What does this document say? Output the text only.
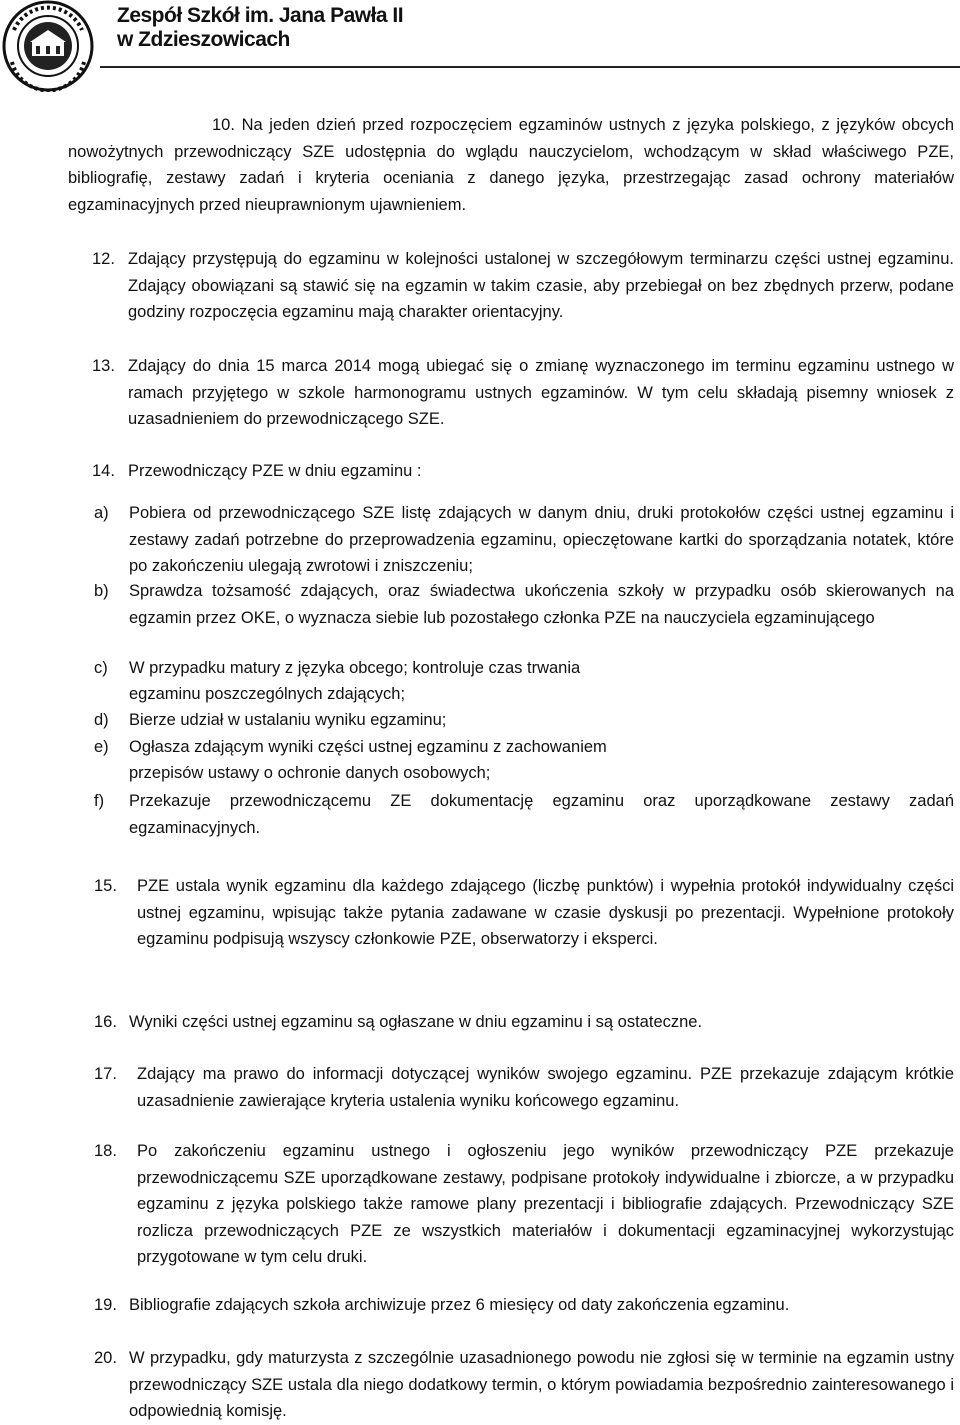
Zespół Szkół im. Jana Pawła II
w Zdzieszowicach

10. Na jeden dzień przed rozpoczęciem egzaminów ustnych z języka polskiego, z języków obcych nowożytnych przewodniczący SZE udostępnia do wglądu nauczycielom, wchodzącym w skład właściwego PZE, bibliografię, zestawy zadań i kryteria oceniania z danego języka, przestrzegając zasad ochrony materiałów egzaminacyjnych przed nieuprawnionym ujawnieniem.

12. Zdający przystępują do egzaminu w kolejności ustalonej w szczegółowym terminarzu części ustnej egzaminu. Zdający obowiązani są stawić się na egzamin w takim czasie, aby przebiegał on bez zbędnych przerw, podane godziny rozpoczęcia egzaminu mają charakter orientacyjny.

13. Zdający do dnia 15 marca 2014 mogą ubiegać się o zmianę wyznaczonego im terminu egzaminu ustnego w ramach przyjętego w szkole harmonogramu ustnych egzaminów. W tym celu składają pisemny wniosek z uzasadnieniem do przewodniczącego SZE.

14. Przewodniczący PZE w dniu egzaminu :

a) Pobiera od przewodniczącego SZE listę zdających w danym dniu, druki protokołów części ustnej egzaminu i zestawy zadań potrzebne do przeprowadzenia egzaminu, opieczętowane kartki do sporządzania notatek, które po zakończeniu ulegają zwrotowi i zniszczeniu;

b) Sprawdza tożsamość zdających, oraz świadectwa ukończenia szkoły w przypadku osób skierowanych na egzamin przez OKE, o wyznacza siebie lub pozostałego członka PZE na nauczyciela egzaminującego

c) W przypadku matury z języka obcego; kontroluje czas trwania

egzaminu poszczególnych zdających;

d) Bierze udział w ustalaniu wyniku egzaminu;

e) Ogłasza zdającym wyniki części ustnej egzaminu z zachowaniem

przepisów ustawy o ochronie danych osobowych;

f) Przekazuje przewodniczącemu ZE dokumentację egzaminu oraz uporządkowane zestawy zadań egzaminacyjnych.

15. PZE ustala wynik egzaminu dla każdego zdającego (liczbę punktów) i wypełnia protokół indywidualny części ustnej egzaminu, wpisując także pytania zadawane w czasie dyskusji po prezentacji. Wypełnione protokoły egzaminu podpisują wszyscy członkowie PZE, obserwatorzy i eksperci.

16. Wyniki części ustnej egzaminu są ogłaszane w dniu egzaminu i są ostateczne.

17. Zdający ma prawo do informacji dotyczącej wyników swojego egzaminu. PZE przekazuje zdającym krótkie uzasadnienie zawierające kryteria ustalenia wyniku końcowego egzaminu.

18. Po zakończeniu egzaminu ustnego i ogłoszeniu jego wyników przewodniczący PZE przekazuje przewodniczącemu SZE uporządkowane zestawy, podpisane protokoły indywidualne i zbiorcze, a w przypadku egzaminu z języka polskiego także ramowe plany prezentacji i bibliografie zdających. Przewodniczący SZE rozlicza przewodniczących PZE ze wszystkich materiałów i dokumentacji egzaminacyjnej wykorzystując przygotowane w tym celu druki.

19. Bibliografie zdających szkoła archiwizuje przez 6 miesięcy od daty zakończenia egzaminu.

20. W przypadku, gdy maturzysta z szczególnie uzasadnionego powodu nie zgłosi się w terminie na egzamin ustny przewodniczący SZE ustala dla niego dodatkowy termin, o którym powiadamia bezpośrednio zainteresowanego i odpowiednią komisję.
